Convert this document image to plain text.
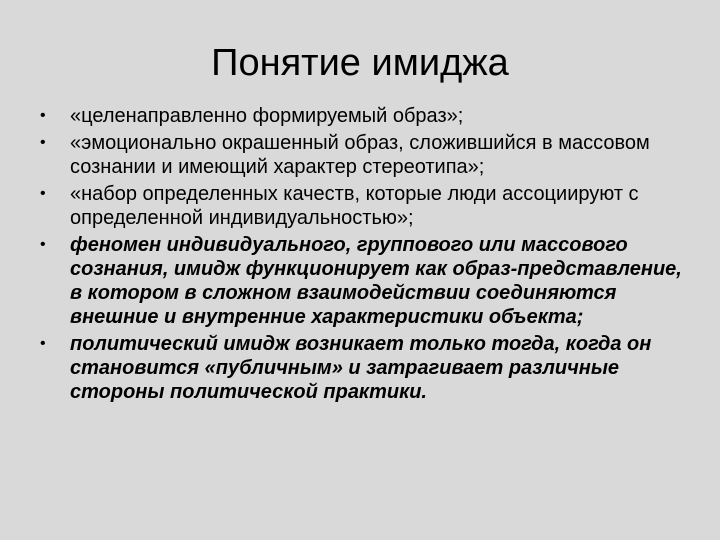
Понятие имиджа
•	«целенаправленно формируемый образ»;
•	«эмоционально окрашенный образ, сложившийся в массовом сознании и имеющий характер стереотипа»;
•	«набор определенных качеств, которые люди ассоциируют с определенной индивидуальностью»;
•	феномен индивидуального, группового или массового сознания, имидж функционирует как образ-представление, в котором в сложном взаимодействии соединяются внешние и внутренние характеристики объекта;
•	политический имидж возникает только тогда, когда он становится «публичным» и затрагивает различные стороны политической практики.
